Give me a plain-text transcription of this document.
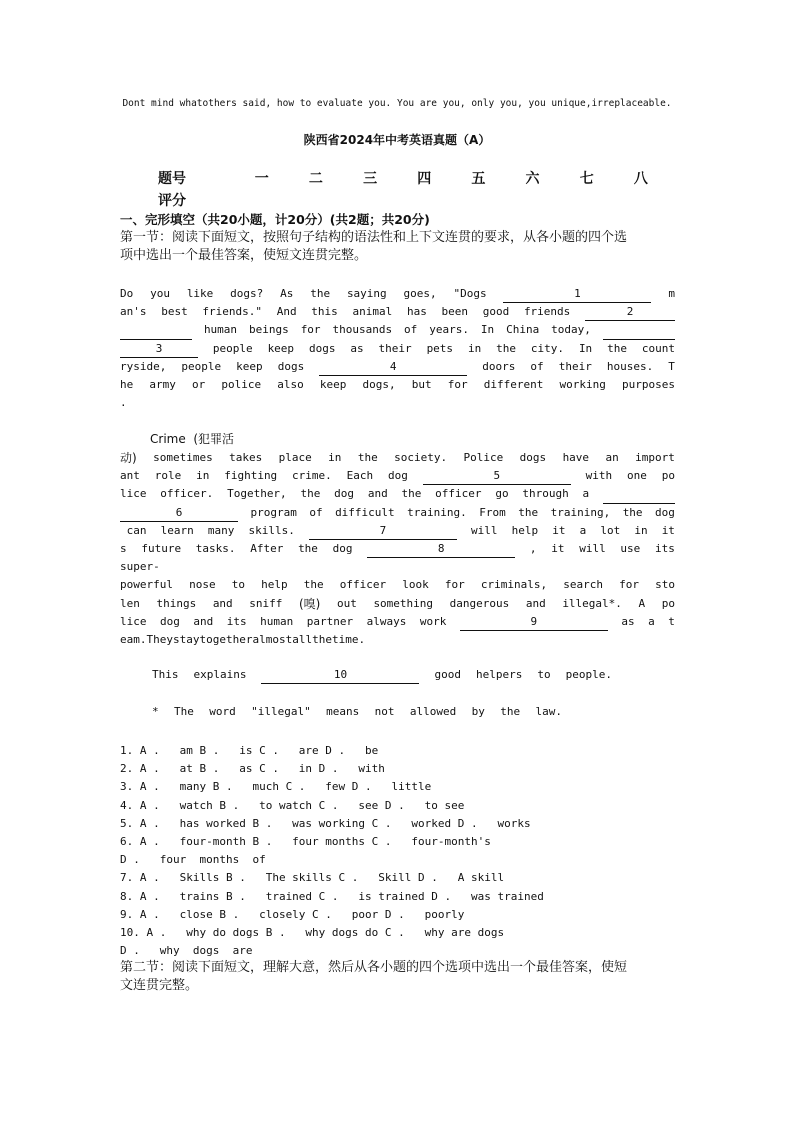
Dont mind whatothers said, how to evaluate you. You are you, only you, you unique,irreplaceable.
陕西省2024年中考英语真题（A）
题号	一	二	三	四	五	六	七	八
评分
一、完形填空（共20小题，计20分）(共2题；共20分)
第一节：阅读下面短文，按照句子结构的语法性和上下文连贯的要求，从各小题的四个选
项中选出一个最佳答案，使短文连贯完整。
Do you like dogs? As the saying goes, "Dogs	1	m
an's best friends." And this animal has been good friends	2
human beings for thousands of years. In China today,
3	people keep dogs as their pets in the city. In the count
ryside, people keep dogs	4	doors of their houses. T
he army or police also keep dogs, but for different working purposes
.
Crime  (犯罪活
动) sometimes takes place in the society. Police dogs have an import
ant role in fighting crime. Each dog	5	with one po
lice officer. Together, the dog and the officer go through a
6	program of difficult training. From the training, the dog
can learn many skills.	7	will help it a lot in it
s future tasks. After the dog	8	, it will use its
super-
powerful nose to help the officer look for criminals, search for sto
len things and sniff (嗅) out something dangerous and illegal*. A po
lice dog and its human partner always work	9	as a t
eam. They stay together almost all the time.
This explains	10	good helpers to people.
* The word "illegal" means not allowed by the law.
1. A .   am B .   is C .   are D .   be
2. A .   at B .   as C .   in D .   with
3. A .   many B .   much C .   few D .   little
4. A .   watch B .   to watch C .   see D .   to see
5. A .   has worked B .   was working C .   worked D .   works
6. A .   four-month B .   four months C .   four-month's
D .   four  months  of
7. A .   Skills B .   The skills C .   Skill D .   A skill
8. A .   trains B .   trained C .   is trained D .   was trained
9. A .   close B .   closely C .   poor D .   poorly
10. A .   why do dogs B .   why dogs do C .   why are dogs
D .   why  dogs  are
第二节：阅读下面短文，理解大意，然后从各小题的四个选项中选出一个最佳答案，使短
文连贯完整。
